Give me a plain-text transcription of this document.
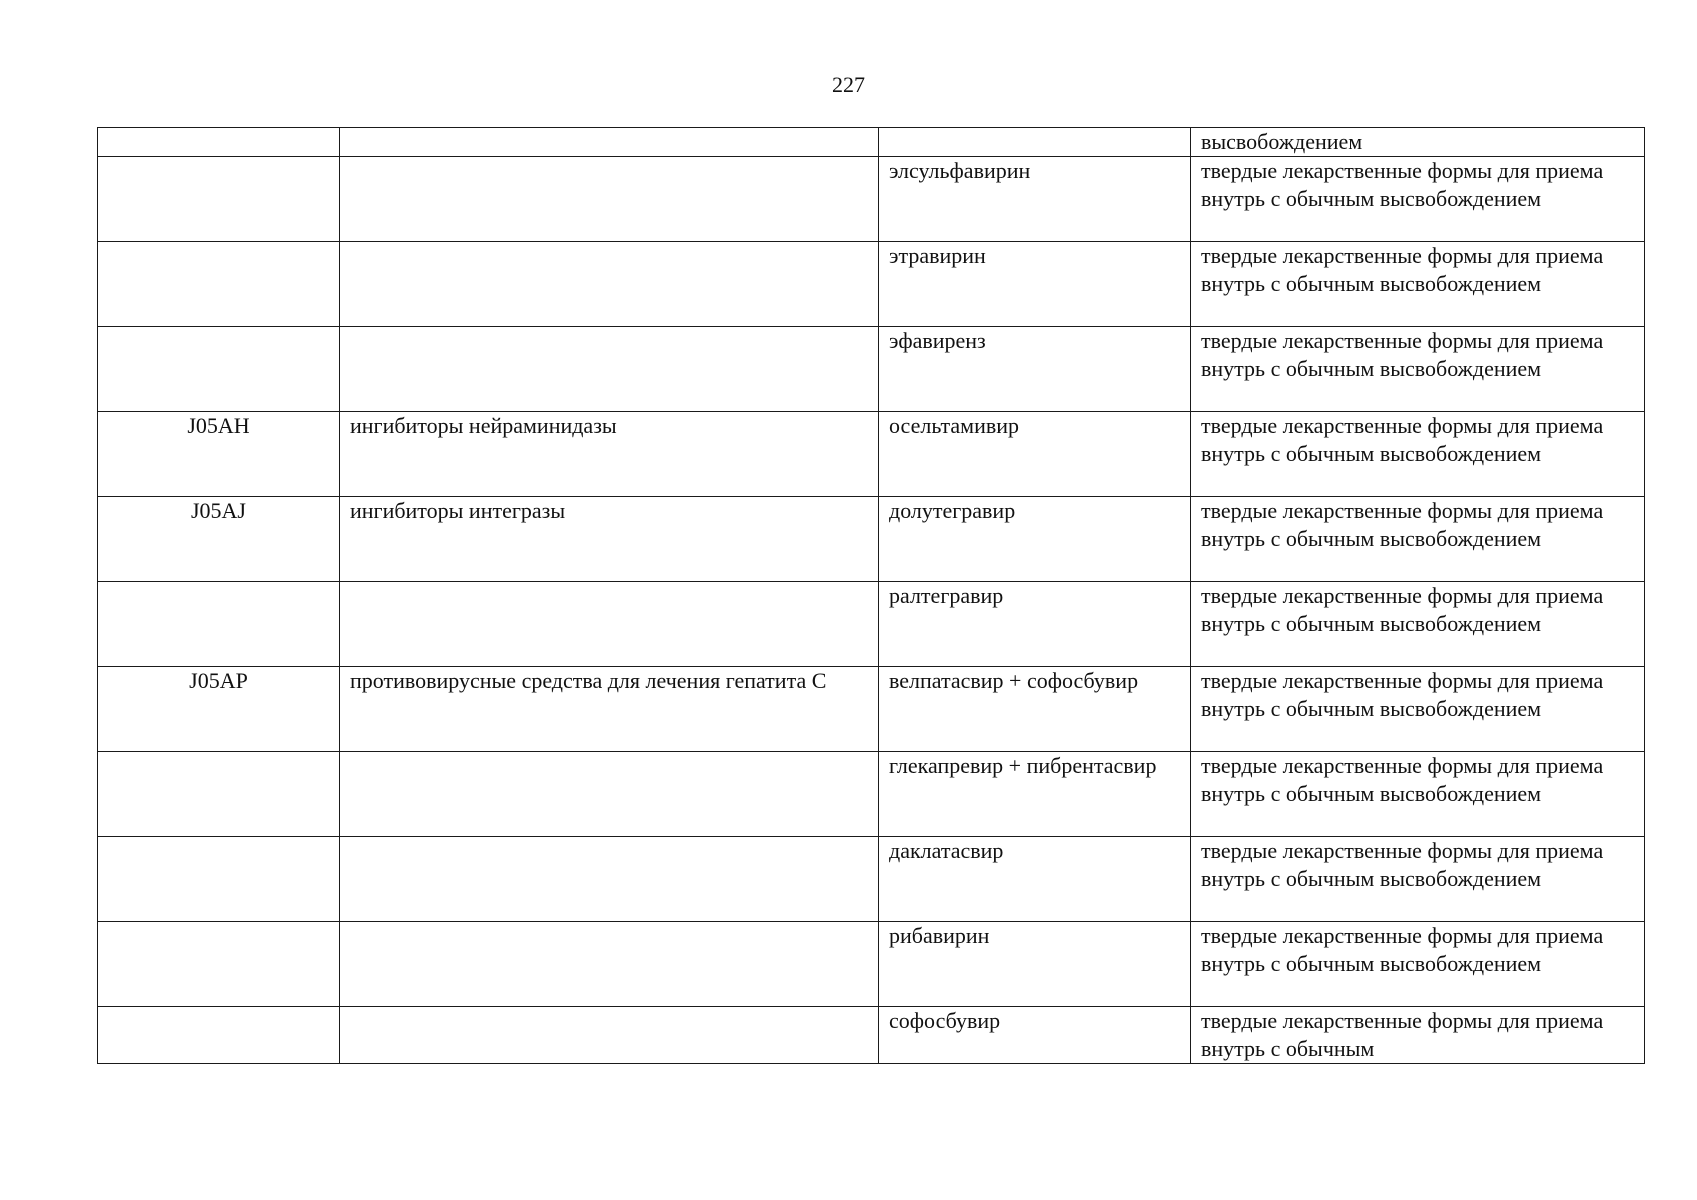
227
			высвобождением
		элсульфавирин	твердые лекарственные формы для приема внутрь с обычным высвобождением
		этравирин	твердые лекарственные формы для приема внутрь с обычным высвобождением
		эфавиренз	твердые лекарственные формы для приема внутрь с обычным высвобождением
J05AH	ингибиторы нейраминидазы	осельтамивир	твердые лекарственные формы для приема внутрь с обычным высвобождением
J05AJ	ингибиторы интегразы	долутегравир	твердые лекарственные формы для приема внутрь с обычным высвобождением
		ралтегравир	твердые лекарственные формы для приема внутрь с обычным высвобождением
J05AP	противовирусные средства для лечения гепатита C	велпатасвир + софосбувир	твердые лекарственные формы для приема внутрь с обычным высвобождением
		глекапревир + пибрентасвир	твердые лекарственные формы для приема внутрь с обычным высвобождением
		даклатасвир	твердые лекарственные формы для приема внутрь с обычным высвобождением
		рибавирин	твердые лекарственные формы для приема внутрь с обычным высвобождением
		софосбувир	твердые лекарственные формы для приема внутрь с обычным
